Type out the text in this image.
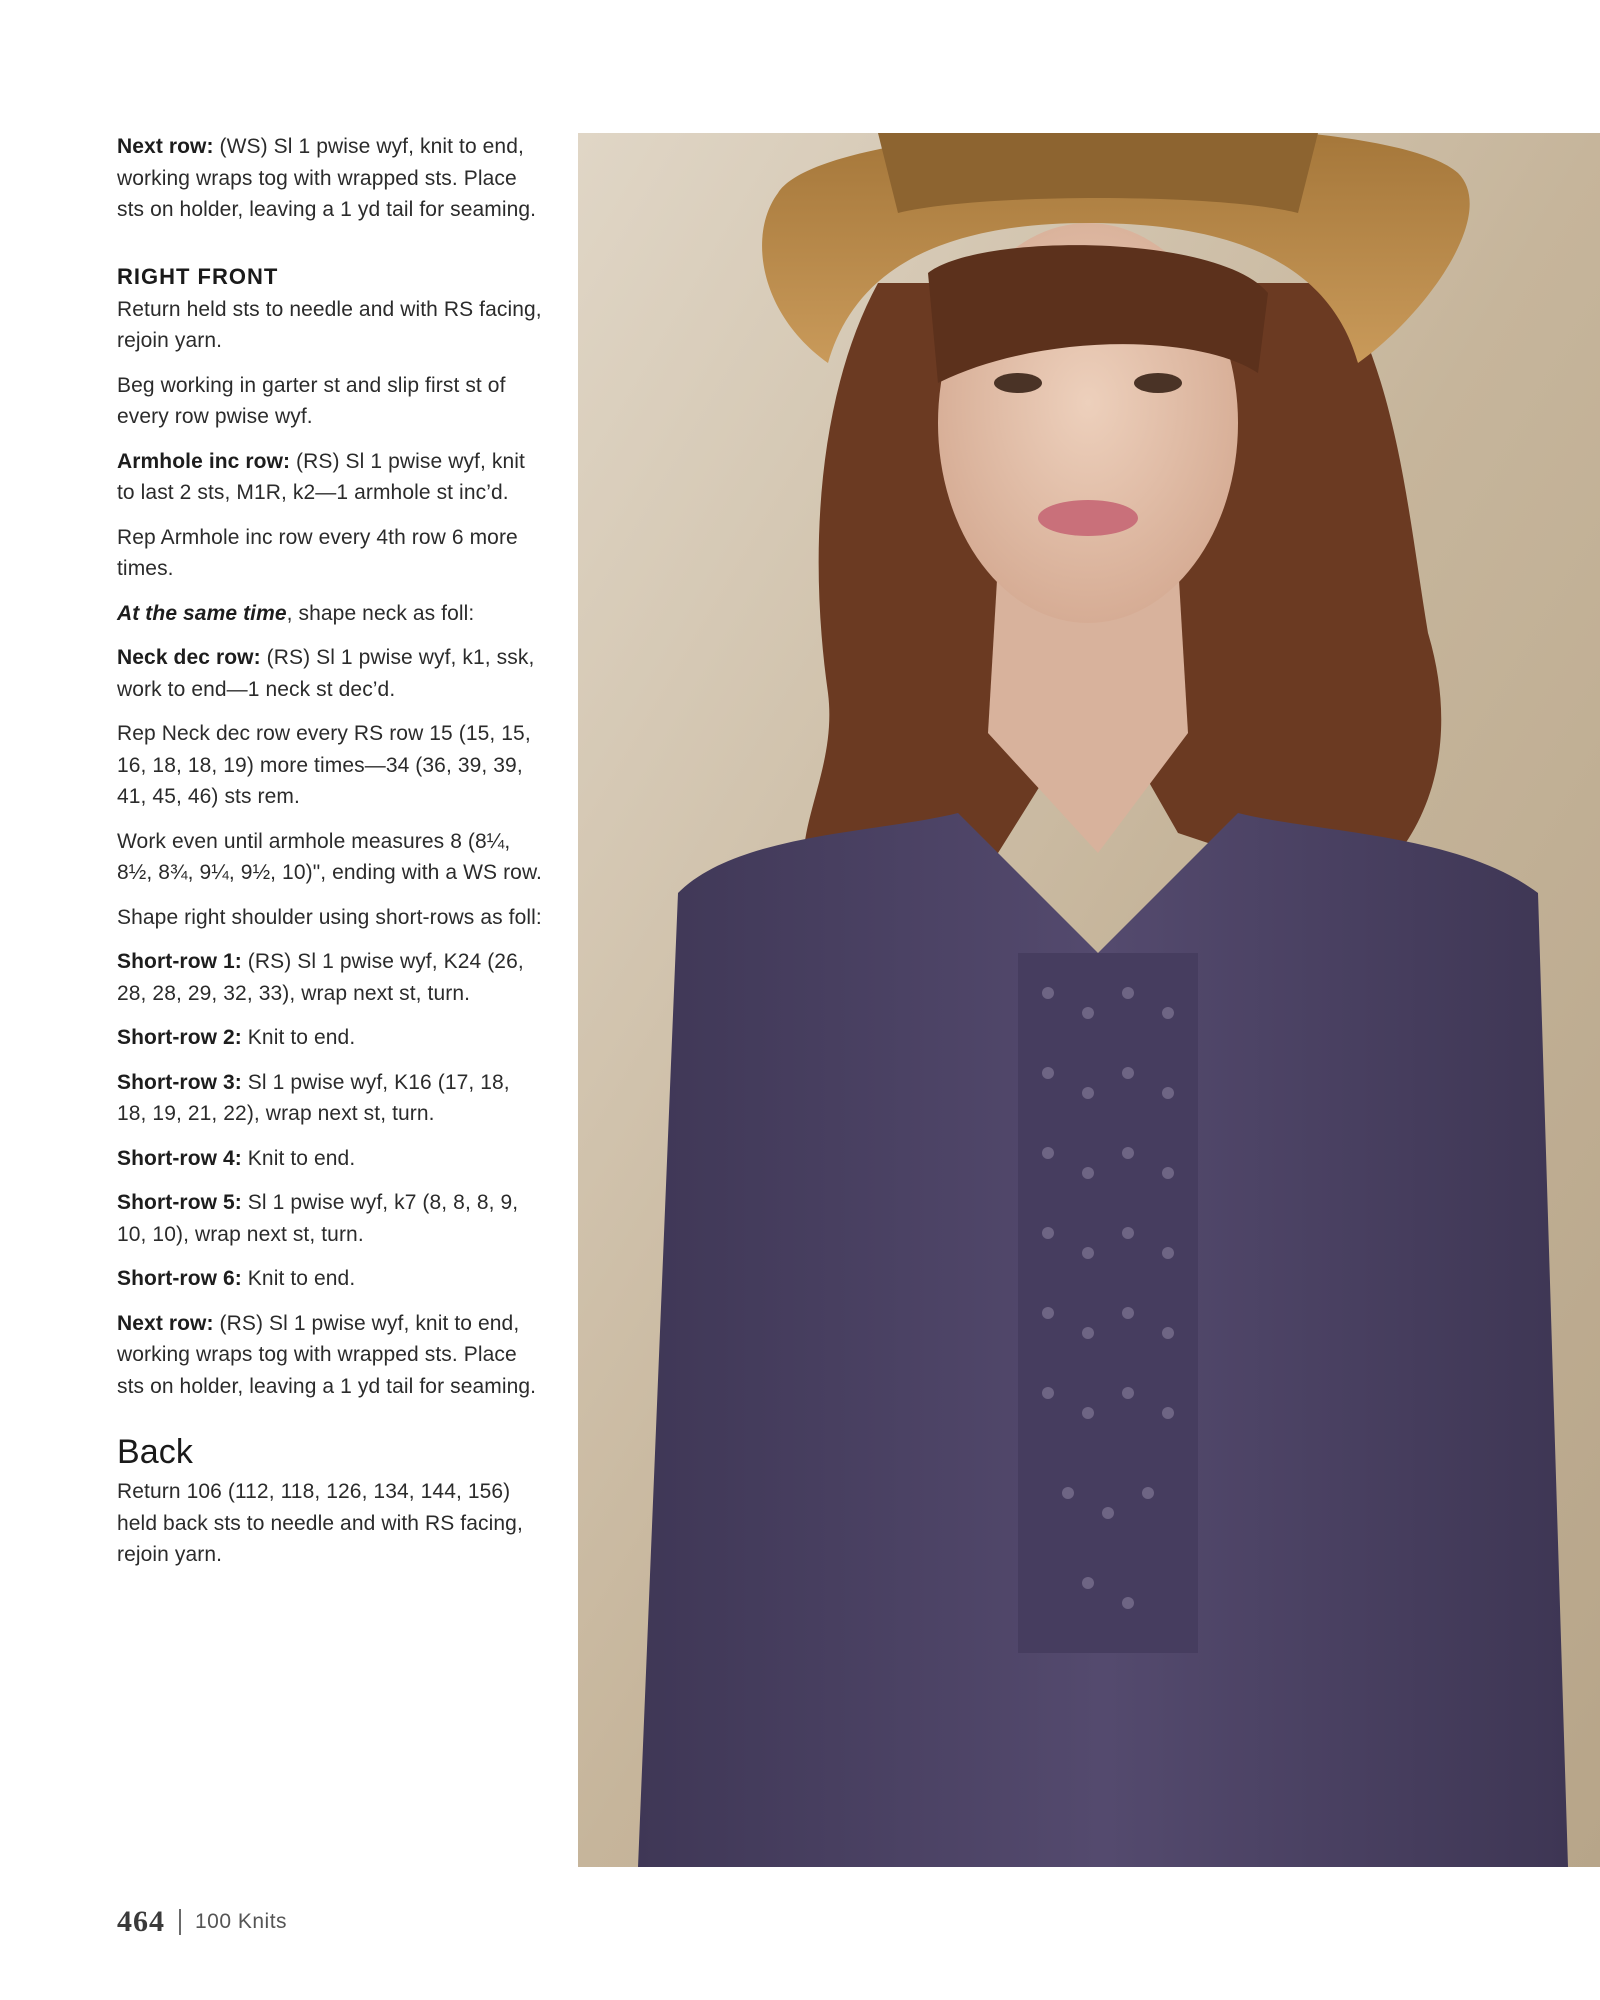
Next row: (WS) Sl 1 pwise wyf, knit to end, working wraps tog with wrapped sts. Place sts on holder, leaving a 1 yd tail for seaming.

RIGHT FRONT

Return held sts to needle and with RS facing, rejoin yarn.

Beg working in garter st and slip first st of every row pwise wyf.

Armhole inc row: (RS) Sl 1 pwise wyf, knit to last 2 sts, M1R, k2—1 armhole st inc’d.

Rep Armhole inc row every 4th row 6 more times.

At the same time, shape neck as foll:

Neck dec row: (RS) Sl 1 pwise wyf, k1, ssk, work to end—1 neck st dec’d.

Rep Neck dec row every RS row 15 (15, 15, 16, 18, 18, 19) more times—34 (36, 39, 39, 41, 45, 46) sts rem.

Work even until armhole measures 8 (8¼, 8½, 8¾, 9¼, 9½, 10)", ending with a WS row.

Shape right shoulder using short-rows as foll:

Short-row 1: (RS) Sl 1 pwise wyf, K24 (26, 28, 28, 29, 32, 33), wrap next st, turn.

Short-row 2: Knit to end.

Short-row 3: Sl 1 pwise wyf, K16 (17, 18, 18, 19, 21, 22), wrap next st, turn.

Short-row 4: Knit to end.

Short-row 5: Sl 1 pwise wyf, k7 (8, 8, 8, 9, 10, 10), wrap next st, turn.

Short-row 6: Knit to end.

Next row: (RS) Sl 1 pwise wyf, knit to end, working wraps tog with wrapped sts. Place sts on holder, leaving a 1 yd tail for seaming.

Back

Return 106 (112, 118, 126, 134, 144, 156) held back sts to needle and with RS facing, rejoin yarn.

464 100 Knits
